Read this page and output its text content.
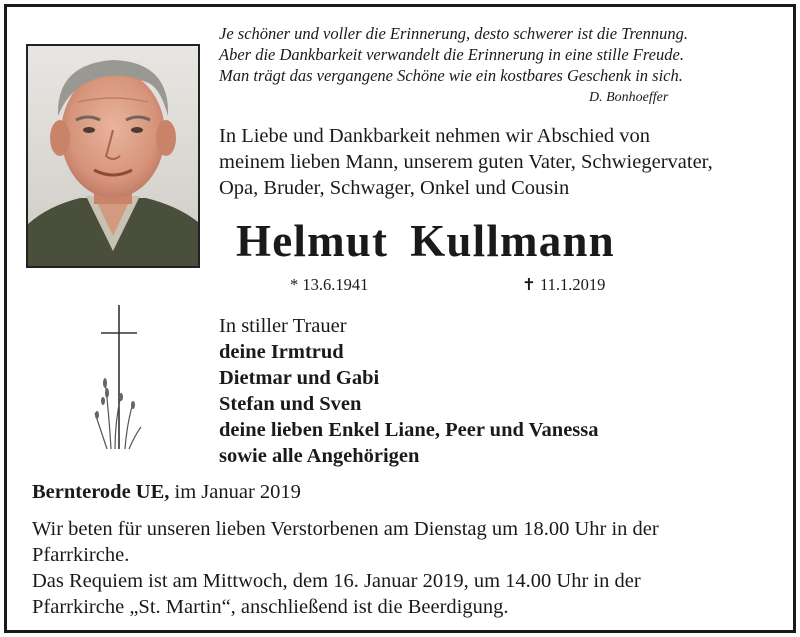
Je schöner und voller die Erinnerung, desto schwerer ist die Trennung.
Aber die Dankbarkeit verwandelt die Erinnerung in eine stille Freude.
Man trägt das vergangene Schöne wie ein kostbares Geschenk in sich.
D. Bonhoeffer
In Liebe und Dankbarkeit nehmen wir Abschied von
meinem lieben Mann, unserem guten Vater, Schwiegervater,
Opa, Bruder, Schwager, Onkel und Cousin
Helmut Kullmann
* 13.6.1941	✝ 11.1.2019
In stiller Trauer
deine Irmtrud
Dietmar und Gabi
Stefan und Sven
deine lieben Enkel Liane, Peer und Vanessa
sowie alle Angehörigen
Bernterode UE, im Januar 2019
Wir beten für unseren lieben Verstorbenen am Dienstag um 18.00 Uhr in der
Pfarrkirche.
Das Requiem ist am Mittwoch, dem 16. Januar 2019, um 14.00 Uhr in der
Pfarrkirche „St. Martin“, anschließend ist die Beerdigung.
